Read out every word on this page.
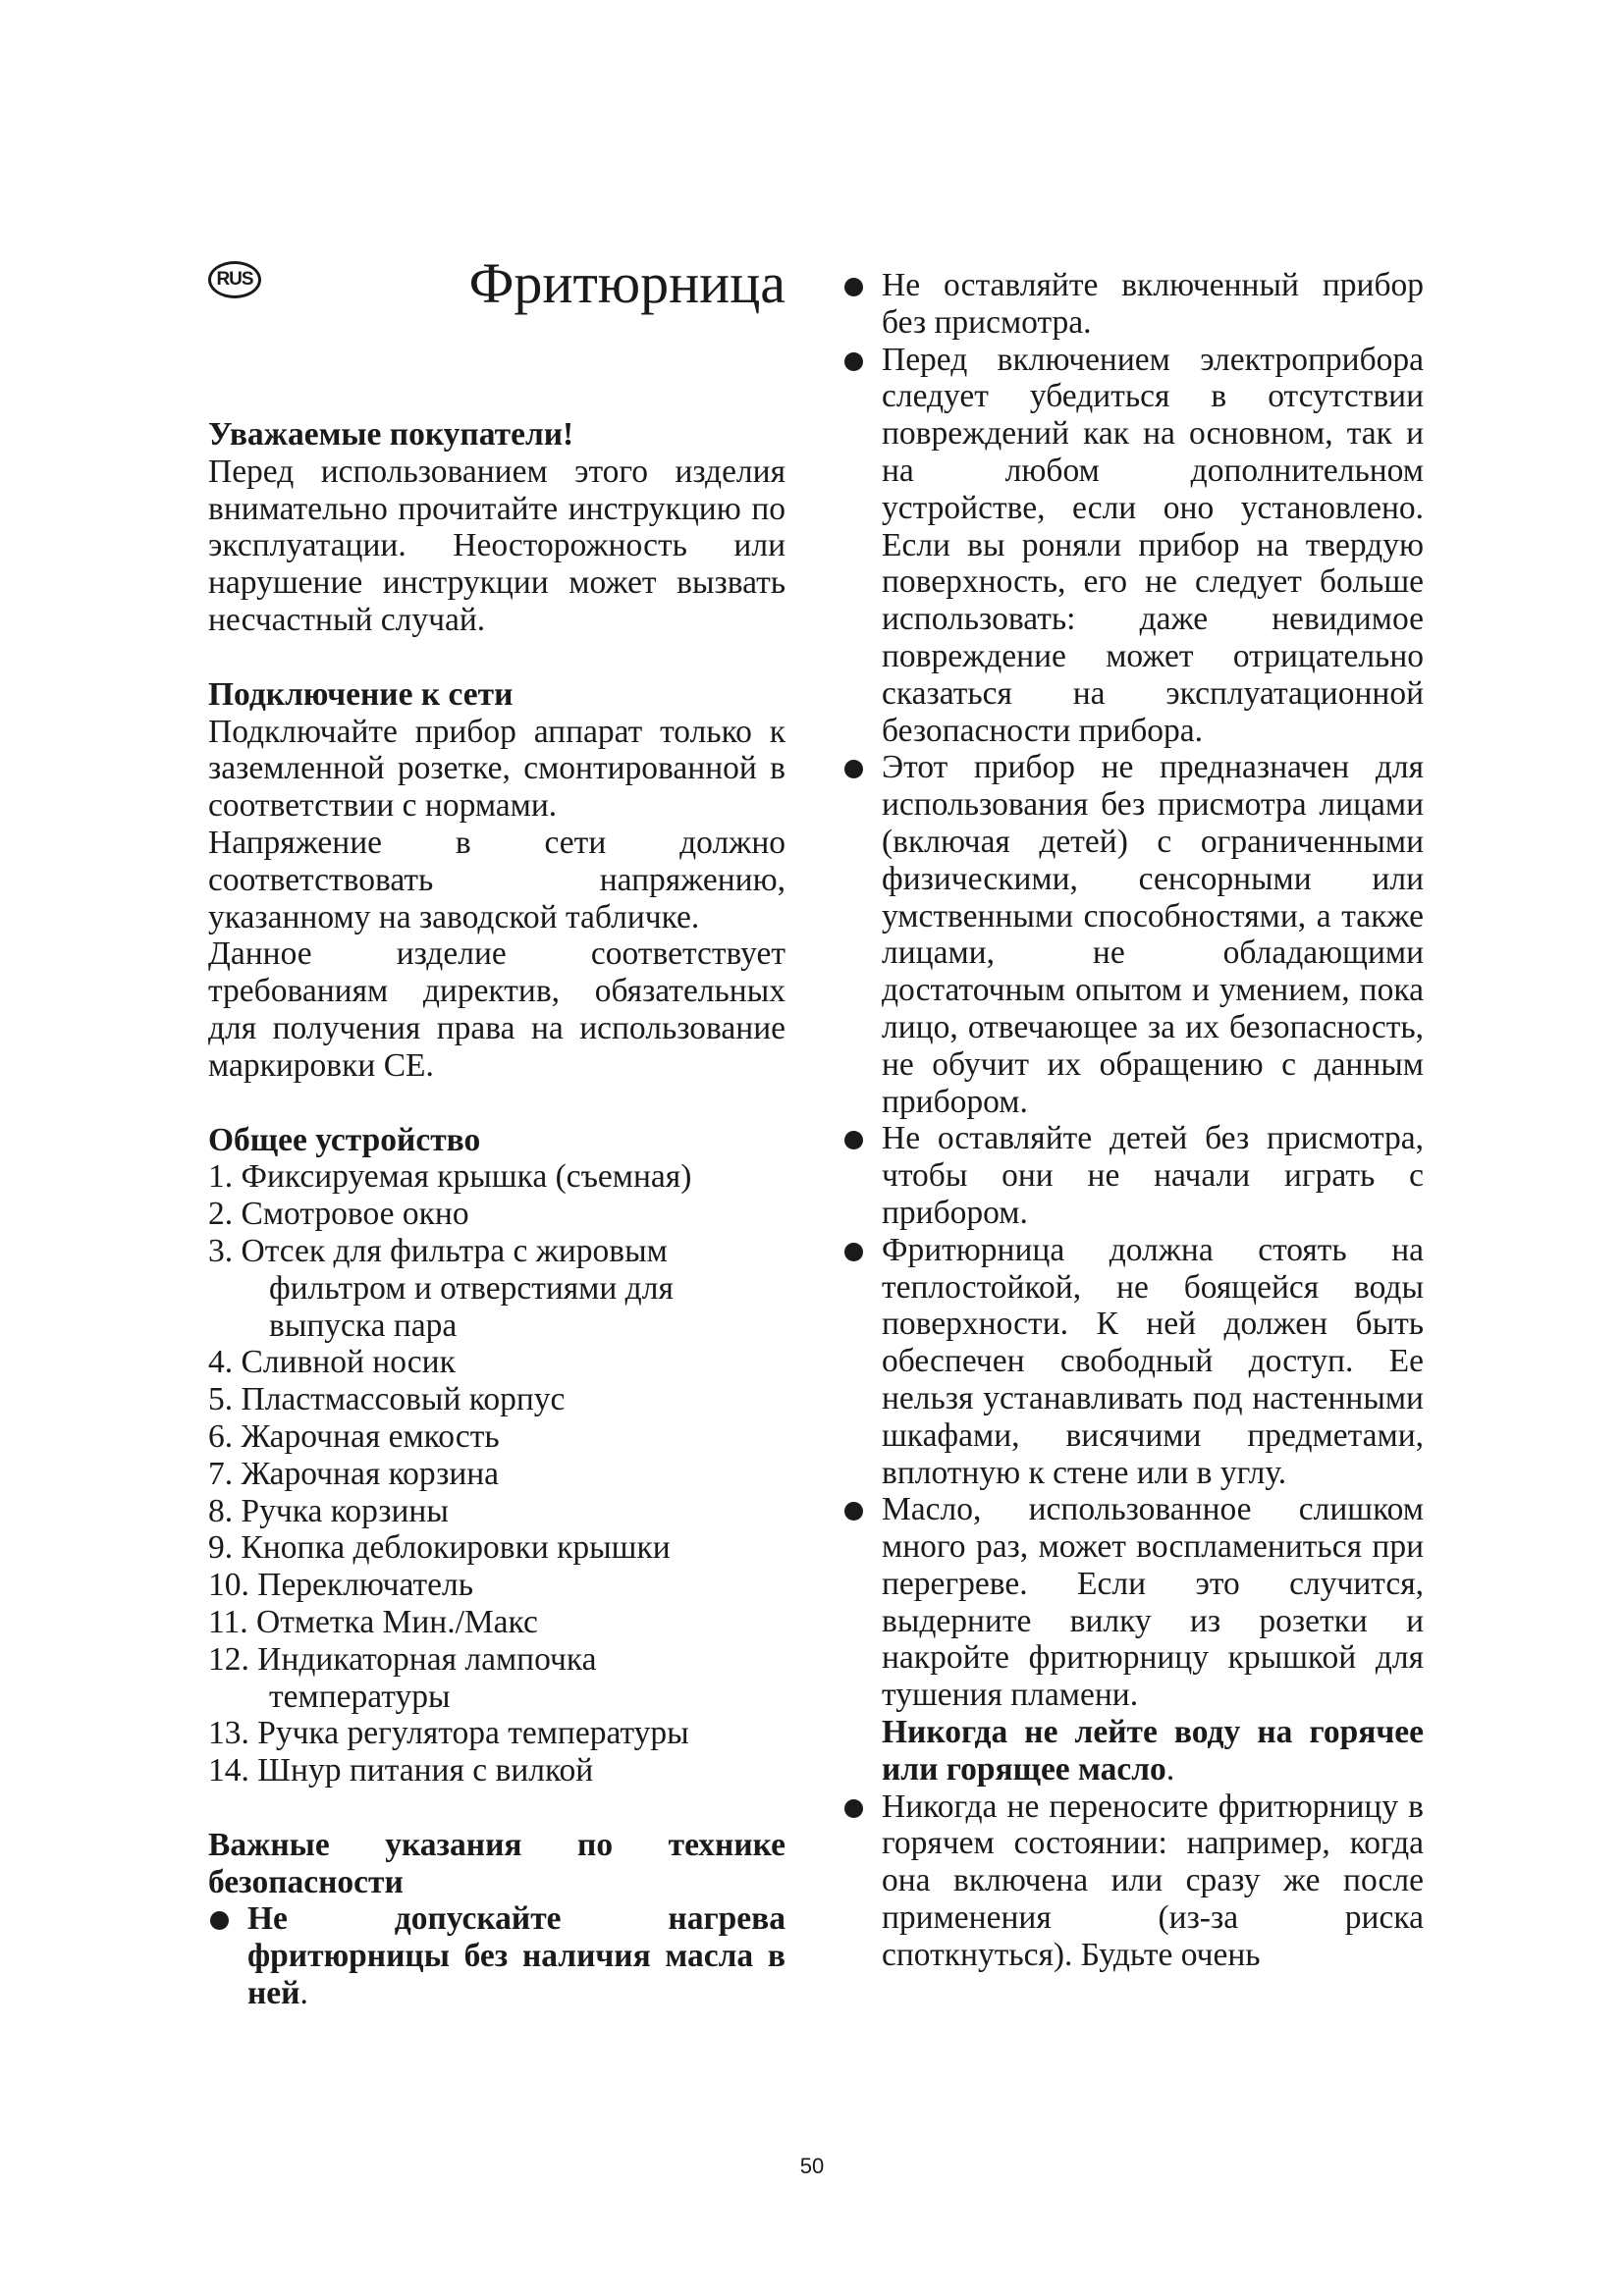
RUS	Фритюрница

Уважаемые покупатели!

Перед использованием этого изделия внимательно прочитайте инструкцию по эксплуатации. Неосторожность или нарушение инструкции может вызвать несчастный случай.

Подключение к сети

Подключайте прибор аппарат только к заземленной розетке, смонтированной в соответствии с нормами.

Напряжение в сети должно соответствовать напряжению, указанному на заводской табличке.

Данное изделие соответствует требованиям директив, обязательных для получения права на использование маркировки CE.

Общее устройство

1. Фиксируемая крышка (съемная)
2. Смотровое окно
3. Отсек для фильтра с жировым фильтром и отверстиями для выпуска пара
4. Сливной носик
5. Пластмассовый корпус
6. Жарочная емкость
7. Жарочная корзина
8. Ручка корзины
9. Кнопка деблокировки крышки
10. Переключатель
11. Отметка Мин./Макс
12. Индикаторная лампочка температуры
13. Ручка регулятора температуры
14. Шнур питания с вилкой

Важные указания по технике безопасности

Не допускайте нагрева фритюрницы без наличия масла в ней.
Не оставляйте включенный прибор без присмотра.
Перед включением электроприбора следует убедиться в отсутствии повреждений как на основном, так и на любом дополнительном устройстве, если оно установлено. Если вы роняли прибор на твердую поверхность, его не следует больше использовать: даже невидимое повреждение может отрицательно сказаться на эксплуатационной безопасности прибора.
Этот прибор не предназначен для использования без присмотра лицами (включая детей) с ограниченными физическими, сенсорными или умственными способностями, а также лицами, не обладающими достаточным опытом и умением, пока лицо, отвечающее за их безопасность, не обучит их обращению с данным прибором.
Не оставляйте детей без присмотра, чтобы они не начали играть с прибором.
Фритюрница должна стоять на теплостойкой, не боящейся воды поверхности. К ней должен быть обеспечен свободный доступ. Ее нельзя устанавливать под настенными шкафами, висячими предметами, вплотную к стене или в углу.
Масло, использованное слишком много раз, может воспламениться при перегреве. Если это случится, выдерните вилку из розетки и накройте фритюрницу крышкой для тушения пламени.

Никогда не лейте воду на горячее или горящее масло.

Никогда не переносите фритюрницу в горячем состоянии: например, когда она включена или сразу же после применения (из-за риска споткнуться). Будьте очень
50
